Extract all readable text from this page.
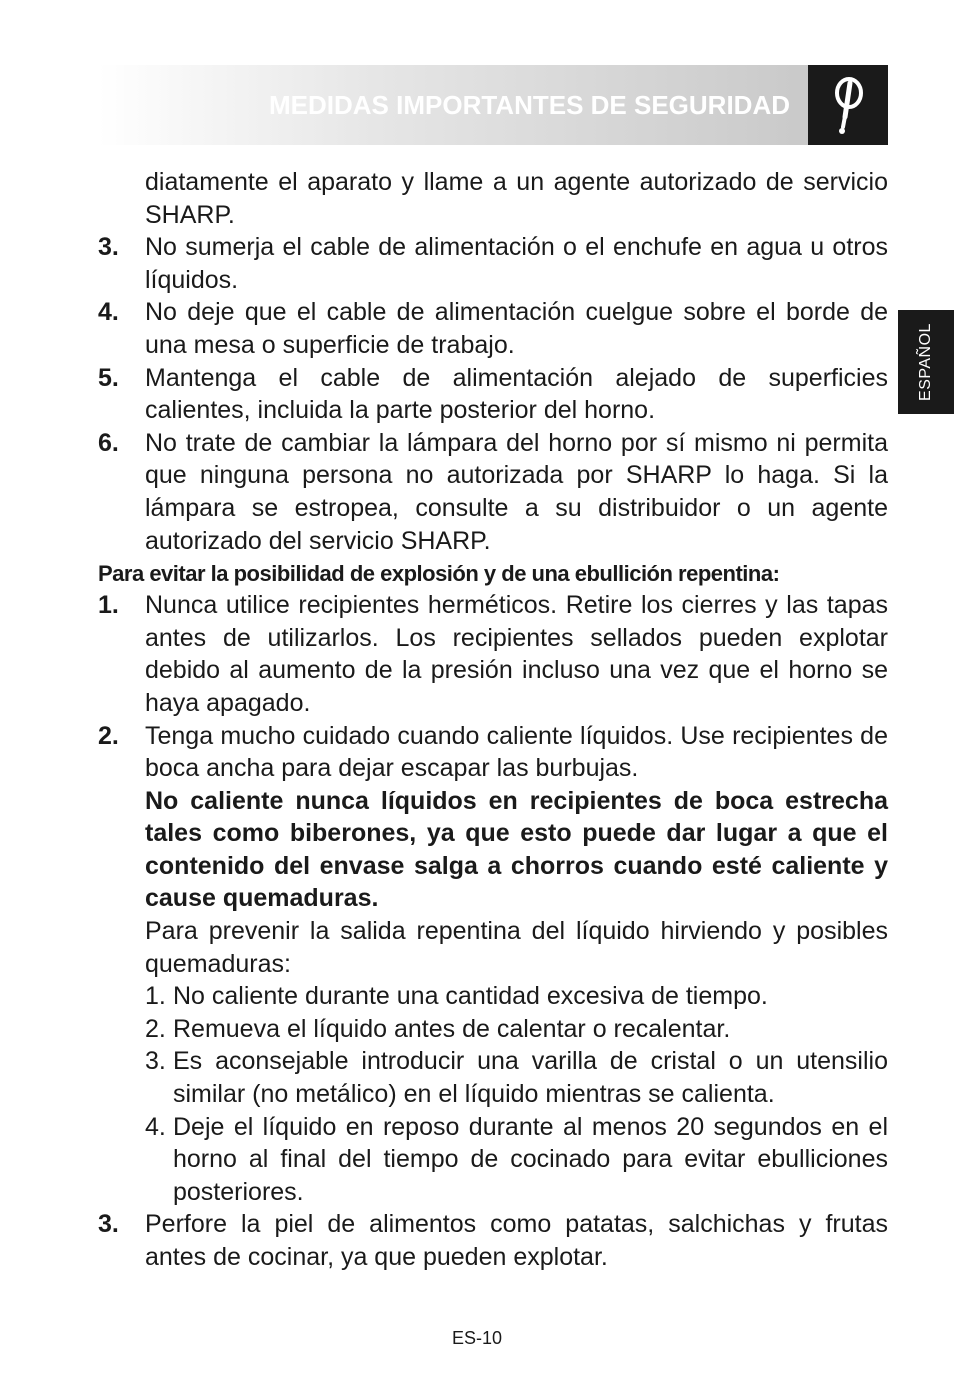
MEDIDAS IMPORTANTES DE SEGURIDAD
ESPAÑOL
diatamente el aparato y llame a un agente autorizado de servicio SHARP.
3. No sumerja el cable de alimentación o el enchufe en agua u otros líquidos.
4. No deje que el cable de alimentación cuelgue sobre el borde de una mesa o superficie de trabajo.
5. Mantenga el cable de alimentación alejado de superficies calientes, incluida la parte posterior del horno.
6. No trate de cambiar la lámpara del horno por sí mismo ni permita que ninguna persona no autorizada por SHARP lo haga. Si la lámpara se estropea, consulte a su distribuidor o un agente autorizado del servicio SHARP.
Para evitar la posibilidad de explosión y de una ebullición repentina:
1. Nunca utilice recipientes herméticos. Retire los cierres y las tapas antes de utilizarlos. Los recipientes sellados pueden explotar debido al aumento de la presión incluso una vez que el horno se haya apagado.
2. Tenga mucho cuidado cuando caliente líquidos. Use recipientes de boca ancha para dejar escapar las burbujas.
No caliente nunca líquidos en recipientes de boca estrecha tales como biberones, ya que esto puede dar lugar a que el contenido del envase salga a chorros cuando esté caliente y cause quemaduras.
Para prevenir la salida repentina del líquido hirviendo y posibles quemaduras:
1. No caliente durante una cantidad excesiva de tiempo.
2. Remueva el líquido antes de calentar o recalentar.
3. Es aconsejable introducir una varilla de cristal o un utensilio similar (no metálico) en el líquido mientras se calienta.
4. Deje el líquido en reposo durante al menos 20 segundos en el horno al final del tiempo de cocinado para evitar ebulliciones posteriores.
3. Perfore la piel de alimentos como patatas, salchichas y frutas antes de cocinar, ya que pueden explotar.
ES-10
